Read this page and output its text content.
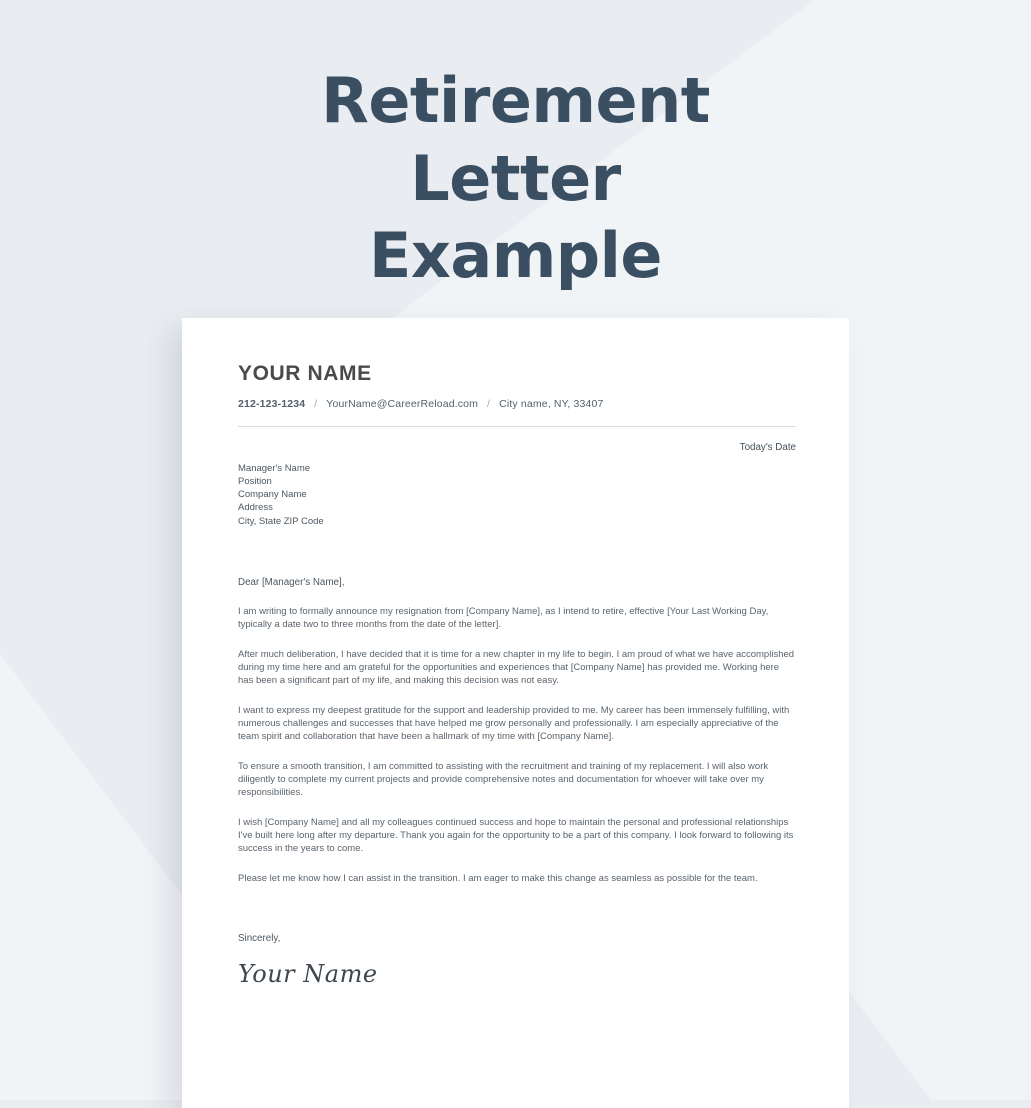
Retirement Letter
Example
YOUR NAME
212-123-1234 / YourName@CareerReload.com / City name, NY, 33407
Today's Date
Manager's Name
Position
Company Name
Address
City, State ZIP Code
Dear [Manager's Name],

I am writing to formally announce my resignation from [Company Name], as I intend to retire, effective [Your Last Working Day, typically a date two to three months from the date of the letter].

After much deliberation, I have decided that it is time for a new chapter in my life to begin. I am proud of what we have accomplished during my time here and am grateful for the opportunities and experiences that [Company Name] has provided me. Working here has been a significant part of my life, and making this decision was not easy.

I want to express my deepest gratitude for the support and leadership provided to me. My career has been immensely fulfilling, with numerous challenges and successes that have helped me grow personally and professionally. I am especially appreciative of the team spirit and collaboration that have been a hallmark of my time with [Company Name].

To ensure a smooth transition, I am committed to assisting with the recruitment and training of my replacement. I will also work diligently to complete my current projects and provide comprehensive notes and documentation for whoever will take over my responsibilities.

I wish [Company Name] and all my colleagues continued success and hope to maintain the personal and professional relationships I've built here long after my departure. Thank you again for the opportunity to be a part of this company. I look forward to following its success in the years to come.

Please let me know how I can assist in the transition. I am eager to make this change as seamless as possible for the team.

Sincerely,
Your Name
